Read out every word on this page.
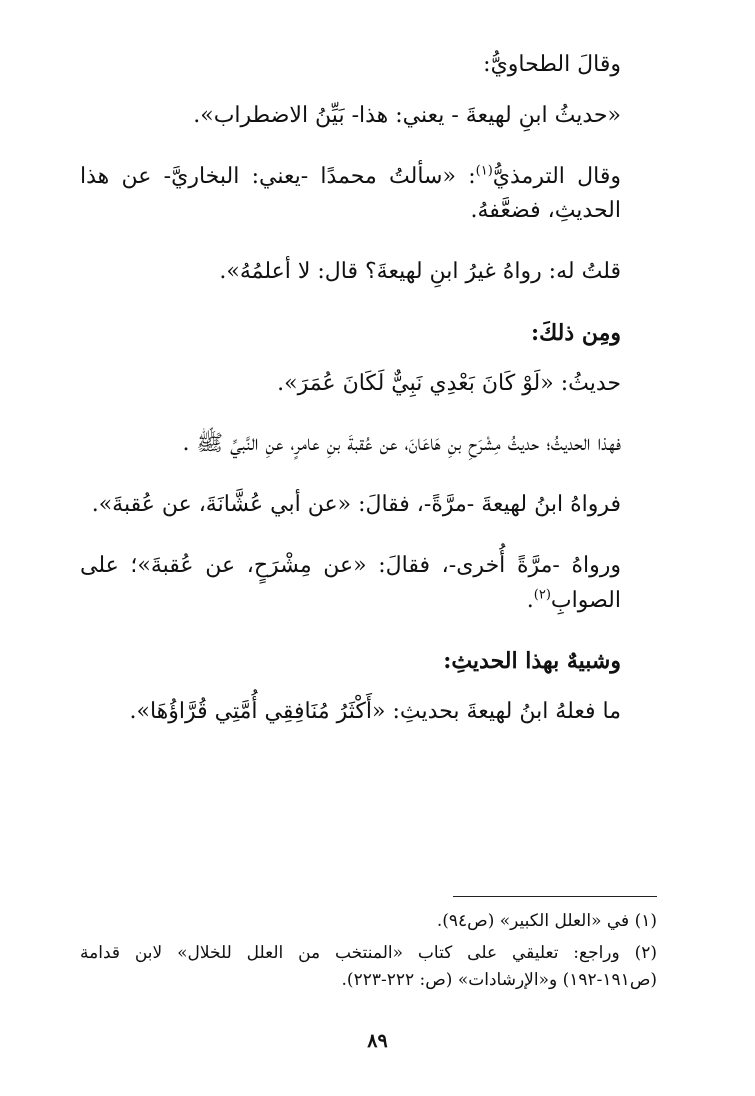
وقالَ الطحاويُّ:

«حديثُ ابنِ لهيعةَ - يعني: هذا- بَيِّنُ الاضطراب».

وقال الترمذيُّ$^{(١)}$: «سألتُ محمدًا -يعني: البخاريَّ- عن هذا الحديثِ، فضعَّفهُ.

قلتُ له: رواهُ غيرُ ابنِ لهيعةَ؟ قال: لا أعلمُهُ».

ومِن ذلكَ:

حديثُ: «لَوْ كَانَ بَعْدِي نَبِيٌّ لَكَانَ عُمَرَ».

فهذا الحديثُ؛ حديثُ مِشْرَحِ بنِ هَاعَانَ، عن عُقبةَ بنِ عامرٍ، عنِ النَّبيِّ ﷺ .

فرواهُ ابنُ لهيعةَ -مرَّةً-، فقالَ: «عن أبي عُشَّانَةَ، عن عُقبةَ».

ورواهُ -مرَّةً أُخرى-، فقالَ: «عن مِشْرَحٍ، عن عُقبةَ»؛ على الصوابِ$^{(٢)}$.

وشبيهٌ بهذا الحديثِ:

ما فعلهُ ابنُ لهيعةَ بحديثِ: «أَكْثَرُ مُنَافِقِي أُمَّتِي قُرَّاؤُهَا».

(١) في «العلل الكبير» (ص٩٤).

(٢) وراجع: تعليقي على كتاب «المنتخب من العلل للخلال» لابن قدامة (ص١٩١-١٩٢) و«الإرشادات» (ص: ٢٢٢-٢٢٣).

٨٩
